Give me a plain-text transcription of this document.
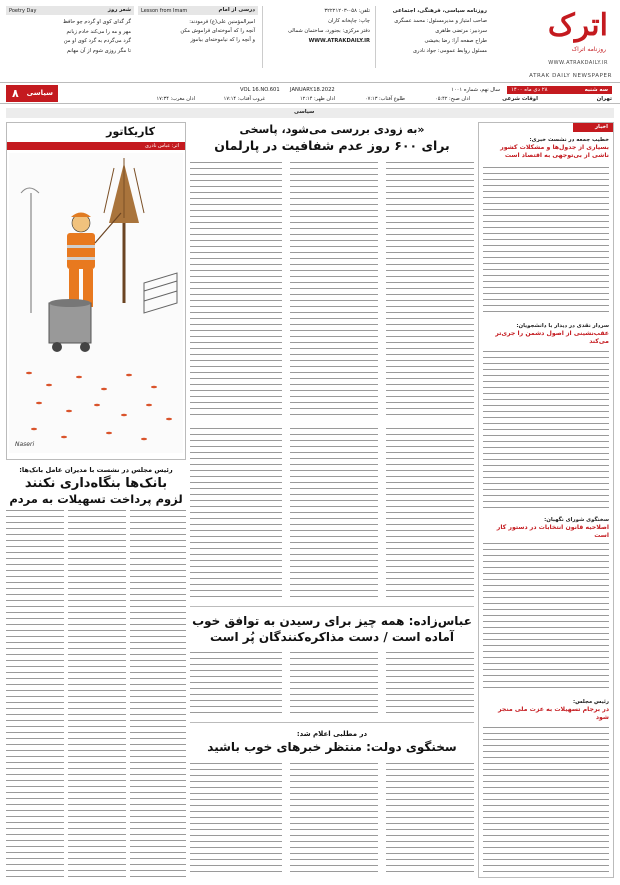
اترک
روزنامه اتراک
WWW.ATRAKDAILY.IR
ATRAK DAILY NEWSPAPER
روزنامه سیاسی، فرهنگی، اجتماعی
صاحب امتیاز و مدیرمسئول: محمد عسگری
سردبیر: مرتضی طاهری
طراح صفحه آرا: رضا بخیشی
مسئول روابط عمومی: جواد نادری
تلفن: ۰۵۸-۳۲۲۲۱۲۰۳
چاپ: چاپخانه کاران
دفتر مرکزی: بجنورد، ساختمان شمالی
WWW.ATRAKDAILY.IR
درسی از امام
Lesson from Imam
امیرالمؤمنین علی(ع) فرمودند:
آنچه را که آموخته‌ای فراموش مکن
و آنچه را که نیاموخته‌ای بیاموز
شعر روز
Poetry Day
گر گدای کوی او گردم چو حافظ
مهر و مه را می‌کند خادم زبانم
گرد می‌گردم به گرد کوی او من
تا مگر روزی شوم از آن مهانم
سه شنبه
۲۸ دی ماه ۱۴۰۰
سال نهم، شماره ۱۰۰۱
VOL 16.NO.601 JANUARY.18.2022
اوقات شرعی	تهران
اذان صبح: ۰۵:۴۲
طلوع آفتاب: ۰۷:۱۳
اذان ظهر: ۱۲:۱۴
غروب آفتاب: ۱۷:۱۴
اذان مغرب: ۱۷:۳۴
۸ سیاسی
سیاسی
اخبار
خطیب جمعه در نشست خبری:
بسیاری از جدول‌ها و مشکلات کشور ناشی از بی‌توجهی به اقتصاد است
سردار نقدی در دیدار با دانشجویان:
عقب‌نشینی از اصول دشمن را جری‌تر می‌کند
سخنگوی شورای نگهبان:
اصلاحیه قانون انتخابات در دستور کار است
رئیس مجلس:
در برجام تسهیلات به عزت ملی منجر شود
«به زودی بررسی می‌شود، پاسخی
برای ۶۰۰ روز عدم شفافیت در پارلمان
کاریکاتور
اثر: عباس نادری
Naseri
رئیس مجلس در نشست با مدیران عامل بانک‌ها:
بانک‌ها بنگاه‌داری نکنند
لزوم پرداخت تسهیلات به مردم
عباس‌زاده: همه چیز برای رسیدن به توافق خوب
آماده است / دست مذاکره‌کنندگان پُر است
در مطلبی اعلام شد:
سخنگوی دولت: منتظر خبرهای خوب باشید
